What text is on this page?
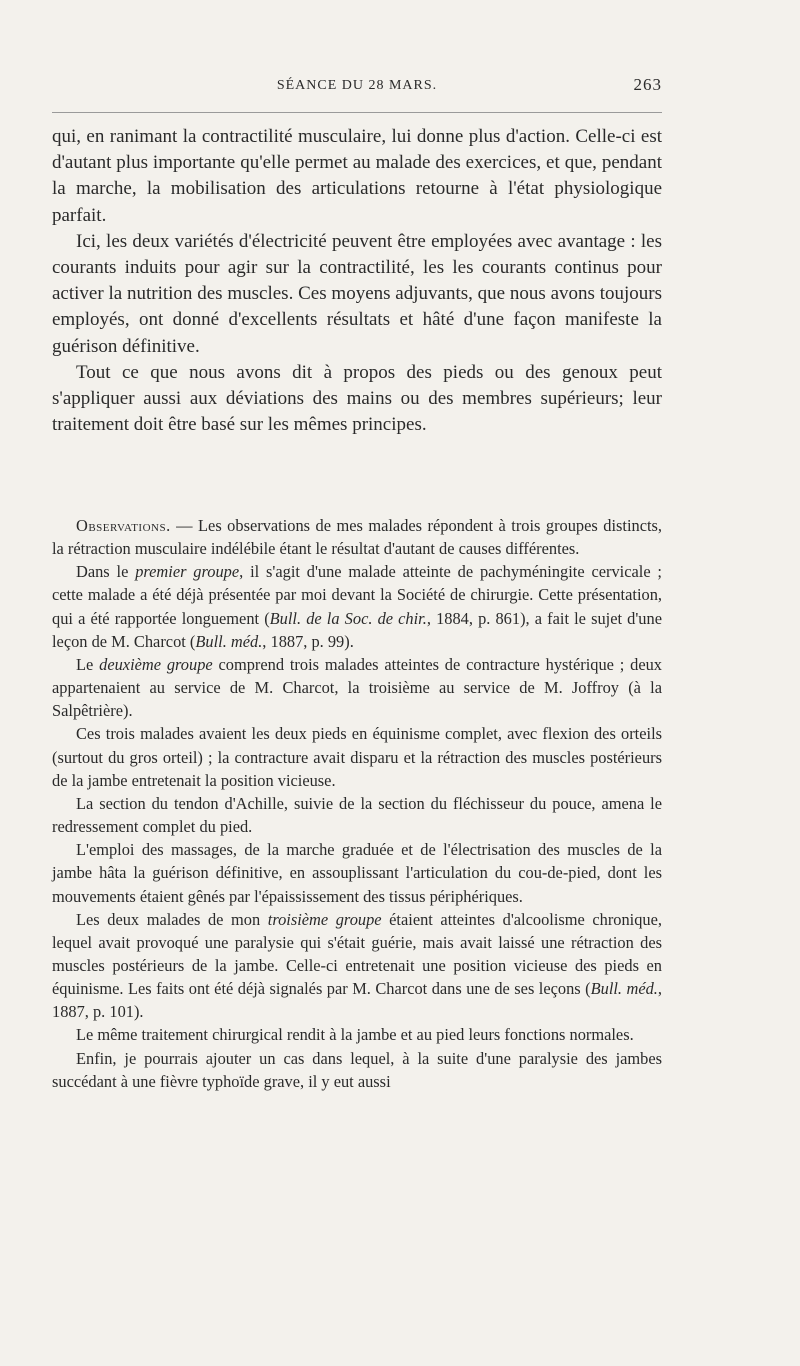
SÉANCE DU 28 MARS.	263

qui, en ranimant la contractilité musculaire, lui donne plus d'action. Celle-ci est d'autant plus importante qu'elle permet au malade des exercices, et que, pendant la marche, la mobilisation des articulations retourne à l'état physiologique parfait.

Ici, les deux variétés d'électricité peuvent être employées avec avantage : les courants induits pour agir sur la contractilité, les les courants continus pour activer la nutrition des muscles. Ces moyens adjuvants, que nous avons toujours employés, ont donné d'excellents résultats et hâté d'une façon manifeste la guérison définitive.

Tout ce que nous avons dit à propos des pieds ou des genoux peut s'appliquer aussi aux déviations des mains ou des membres supérieurs; leur traitement doit être basé sur les mêmes principes.

Observations. — Les observations de mes malades répondent à trois groupes distincts, la rétraction musculaire indélébile étant le résultat d'autant de causes différentes.

Dans le premier groupe, il s'agit d'une malade atteinte de pachyméningite cervicale ; cette malade a été déjà présentée par moi devant la Société de chirurgie. Cette présentation, qui a été rapportée longuement (Bull. de la Soc. de chir., 1884, p. 861), a fait le sujet d'une leçon de M. Charcot (Bull. méd., 1887, p. 99).

Le deuxième groupe comprend trois malades atteintes de contracture hystérique ; deux appartenaient au service de M. Charcot, la troisième au service de M. Joffroy (à la Salpêtrière).

Ces trois malades avaient les deux pieds en équinisme complet, avec flexion des orteils (surtout du gros orteil) ; la contracture avait disparu et la rétraction des muscles postérieurs de la jambe entretenait la position vicieuse.

La section du tendon d'Achille, suivie de la section du fléchisseur du pouce, amena le redressement complet du pied.

L'emploi des massages, de la marche graduée et de l'électrisation des muscles de la jambe hâta la guérison définitive, en assouplissant l'articulation du cou-de-pied, dont les mouvements étaient gênés par l'épaississement des tissus périphériques.

Les deux malades de mon troisième groupe étaient atteintes d'alcoolisme chronique, lequel avait provoqué une paralysie qui s'était guérie, mais avait laissé une rétraction des muscles postérieurs de la jambe. Celle-ci entretenait une position vicieuse des pieds en équinisme. Les faits ont été déjà signalés par M. Charcot dans une de ses leçons (Bull. méd., 1887, p. 101).

Le même traitement chirurgical rendit à la jambe et au pied leurs fonctions normales.

Enfin, je pourrais ajouter un cas dans lequel, à la suite d'une paralysie des jambes succédant à une fièvre typhoïde grave, il y eut aussi
